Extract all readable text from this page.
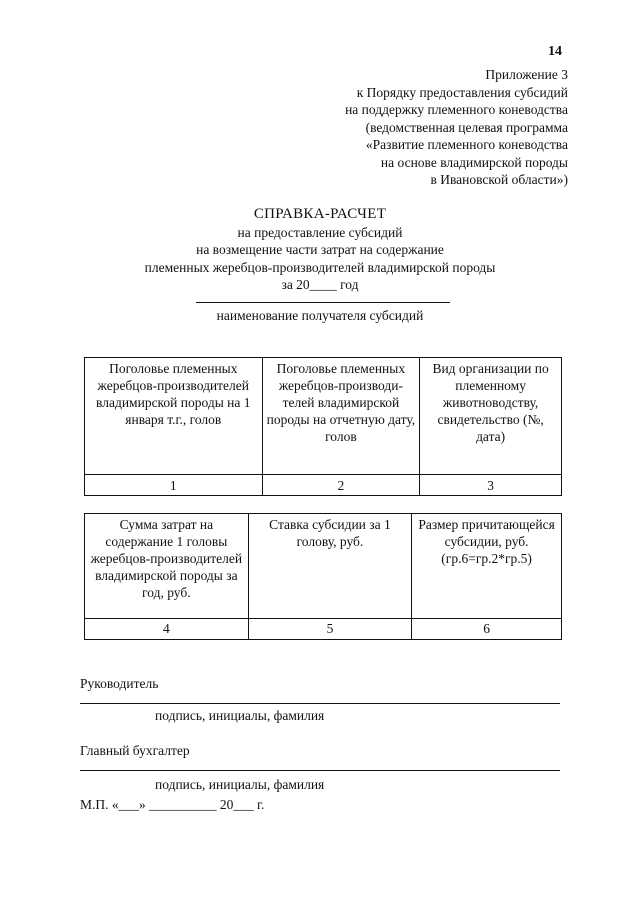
14
Приложение 3
к Порядку предоставления субсидий
на поддержку племенного коневодства
(ведомственная целевая программа
«Развитие племенного коневодства
на основе владимирской породы
в Ивановской области»)
СПРАВКА-РАСЧЕТ
на предоставление субсидий
на возмещение части затрат на содержание
племенных жеребцов-производителей владимирской породы
за 20____ год
наименование получателя субсидий
Поголовье племенных жеребцов-производителей владимирской породы на 1 января т.г., голов	Поголовье племенных жеребцов-производи-телей владимирской породы на отчетную дату, голов	Вид организации по племенному животноводству, свидетельство (№, дата)
1	2	3
Сумма затрат на содержание 1 головы жеребцов-производителей владимирской породы за год, руб.	Ставка субсидии за 1 голову, руб.	Размер причитающейся субсидии, руб. (гр.6=гр.2*гр.5)
4	5	6
Руководитель
подпись, инициалы, фамилия
Главный бухгалтер
подпись, инициалы, фамилия
М.П. «___» __________ 20___ г.
